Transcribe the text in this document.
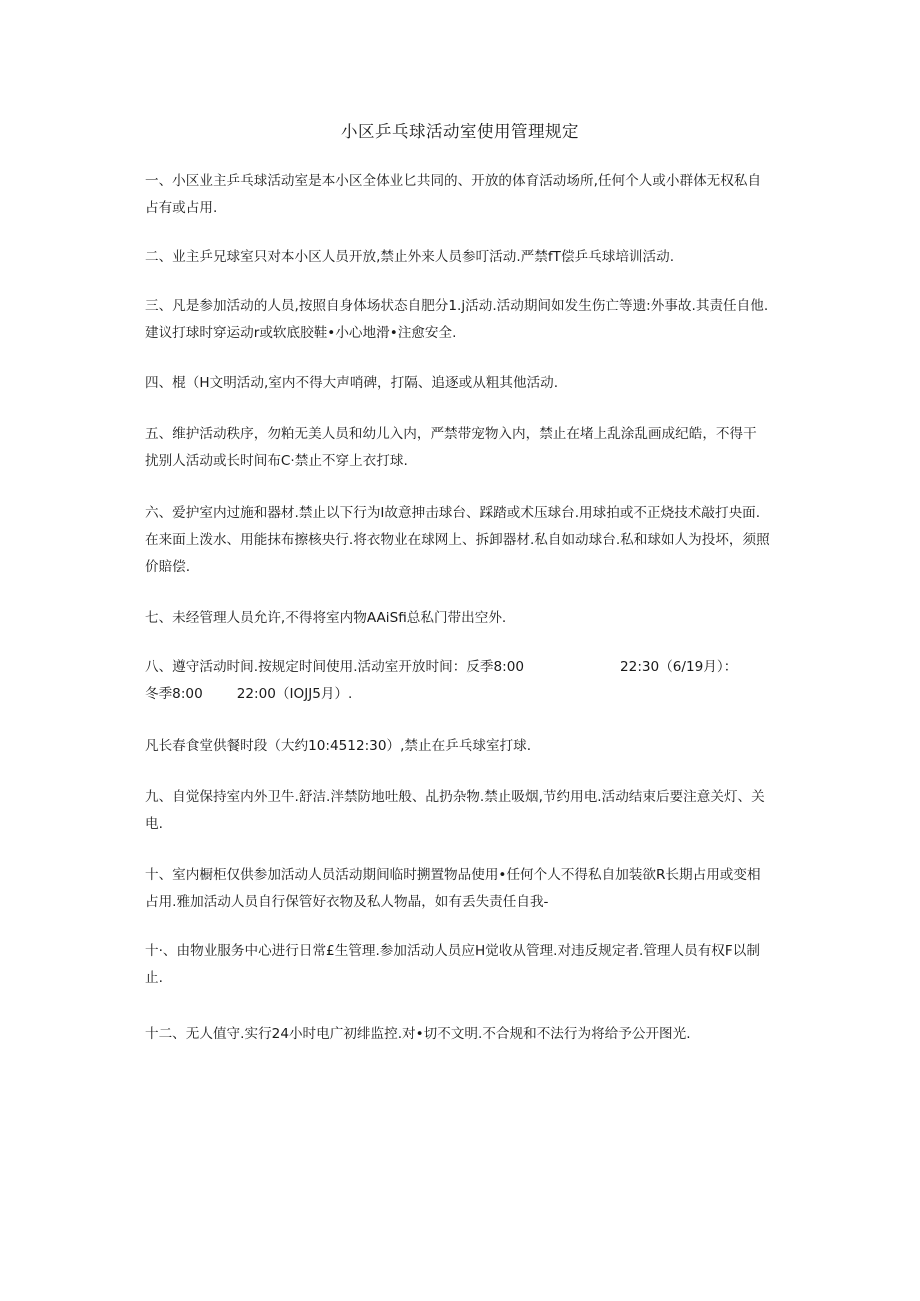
小区乒乓球活动室使用管理规定
一、小区业主乒乓球活动室是本小区全体业匕共同的、开放的体育活动场所,任何个人或小群体无权私自
占有或占用.
二、业主乒兄球室只对本小区人员开放,禁止外来人员参叮活动.严禁fT偿乒乓球培训活动.
三、凡是参加活动的人员,按照自身体场状态自肥分1.j活动.活动期间如发生伤亡等遗:外事故.其责任自他.
建议打球时穿运动r或软底胶鞋•小心地滑•注愈安全.
四、棍（H文明活动,室内不得大声哨碑，打隔、追逐或从粗其他活动.
五、维护活动秩序，勿粕无美人员和幼儿入内，严禁带宠物入内，禁止在堵上乱涂乱画成纪皓，不得干
扰别人活动或长时间布C·禁止不穿上衣打球.
六、爱护室内过施和器材.禁止以下行为I故意抻击球台、踩踏或术压球台.用球拍或不正烧技术敲打央面.
在来面上泼水、用能抹布擦核央行.将衣物业在球网上、拆卸器材.私自如动球台.私和球如人为投坏，须照
价賠偿.
七、未经管理人员允许,不得将室内物AAiSfi总私门带出空外.
八、遵守活动时间.按规定时间使用.活动室开放时间：反季8:00	22:30（6/19月）：
冬季8:00	22:00（IOJJ5月）.
凡长春食堂供餐时段（大约10:4512:30）,禁止在乒乓球室打球.
九、自觉保持室内外卫牛.舒洁.泮禁防地吐般、乩扔杂物.禁止吸烟,节约用电.活动结束后要注意关灯、关
电.
十、室内橱柜仅供参加活动人员活动期间临时搠置物品使用•任何个人不得私自加装欲R长期占用或变相
占用.雅加活动人员自行保管好衣物及私人物晶，如有丢失责任自我-
十·、由物业服务中心进行日常£生管理.参加活动人员应H觉收从管理.对违反规定者.管理人员有权F以制
止.
十二、无人值守.实行24小时电广初绯监控.对•切不文明.不合规和不法行为将给予公开图光.
